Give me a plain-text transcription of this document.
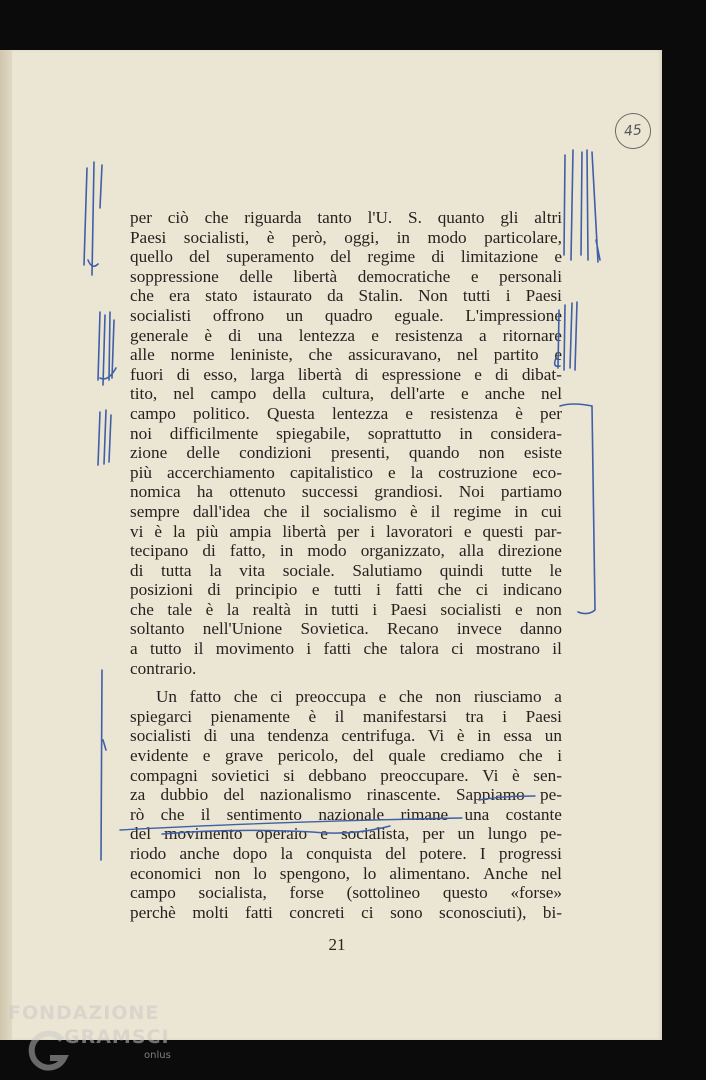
45
per ciò che riguarda tanto l'U. S. quanto gli altri
Paesi socialisti, è però, oggi, in modo particolare,
quello del superamento del regime di limitazione e
soppressione delle libertà democratiche e personali
che era stato istaurato da Stalin. Non tutti i Paesi
socialisti offrono un quadro eguale. L'impressione
generale è di una lentezza e resistenza a ritornare
alle norme leniniste, che assicuravano, nel partito e
fuori di esso, larga libertà di espressione e di dibat-
tito, nel campo della cultura, dell'arte e anche nel
campo politico. Questa lentezza e resistenza è per
noi difficilmente spiegabile, soprattutto in considera-
zione delle condizioni presenti, quando non esiste
più accerchiamento capitalistico e la costruzione eco-
nomica ha ottenuto successi grandiosi. Noi partiamo
sempre dall'idea che il socialismo è il regime in cui
vi è la più ampia libertà per i lavoratori e questi par-
tecipano di fatto, in modo organizzato, alla direzione
di tutta la vita sociale. Salutiamo quindi tutte le
posizioni di principio e tutti i fatti che ci indicano
che tale è la realtà in tutti i Paesi socialisti e non
soltanto nell'Unione Sovietica. Recano invece danno
a tutto il movimento i fatti che talora ci mostrano il
contrario.
Un fatto che ci preoccupa e che non riusciamo a
spiegarci pienamente è il manifestarsi tra i Paesi
socialisti di una tendenza centrifuga. Vi è in essa un
evidente e grave pericolo, del quale crediamo che i
compagni sovietici si debbano preoccupare. Vi è sen-
za dubbio del nazionalismo rinascente. Sappiamo pe-
rò che il sentimento nazionale rimane una costante
del movimento operaio e socialista, per un lungo pe-
riodo anche dopo la conquista del potere. I progressi
economici non lo spengono, lo alimentano. Anche nel
campo socialista, forse (sottolineo questo «forse»
perchè molti fatti concreti ci sono sconosciuti), bi-
21
FONDAZIONE
GRAMSCI
onlus
